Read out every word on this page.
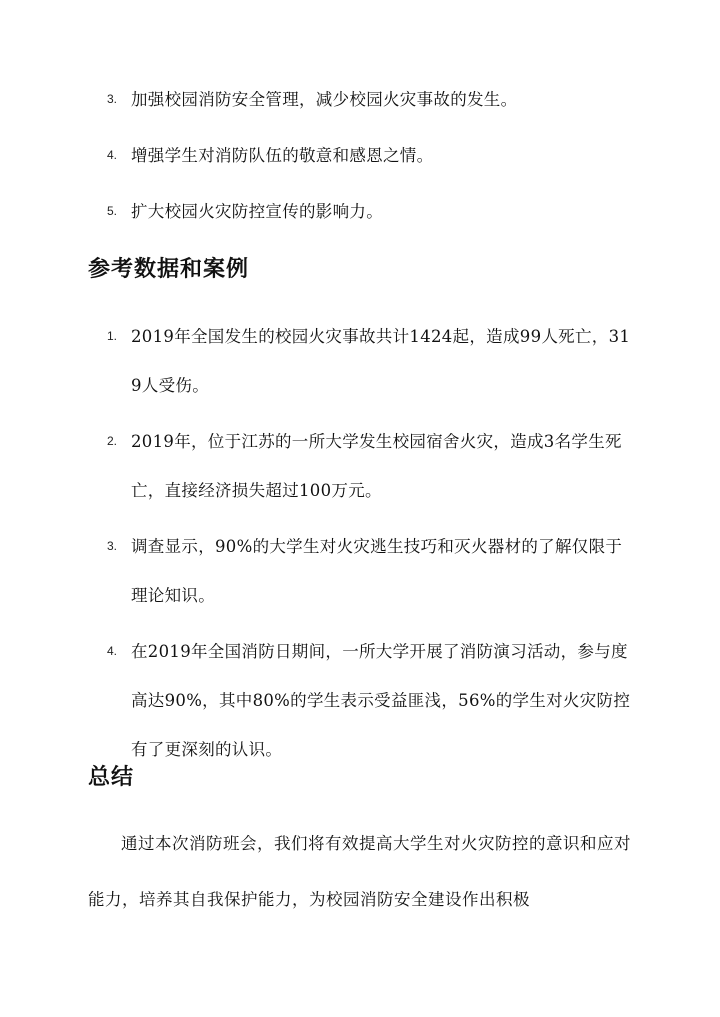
3. 加强校园消防安全管理，减少校园火灾事故的发生。
4. 增强学生对消防队伍的敬意和感恩之情。
5. 扩大校园火灾防控宣传的影响力。
参考数据和案例
1. 2019年全国发生的校园火灾事故共计1424起，造成99人死亡，319人受伤。
2. 2019年，位于江苏的一所大学发生校园宿舍火灾，造成3名学生死亡，直接经济损失超过100万元。
3. 调查显示，90%的大学生对火灾逃生技巧和灭火器材的了解仅限于理论知识。
4. 在2019年全国消防日期间，一所大学开展了消防演习活动，参与度高达90%，其中80%的学生表示受益匪浅，56%的学生对火灾防控有了更深刻的认识。
总结

通过本次消防班会，我们将有效提高大学生对火灾防控的意识和应对能力，培养其自我保护能力，为校园消防安全建设作出积极
